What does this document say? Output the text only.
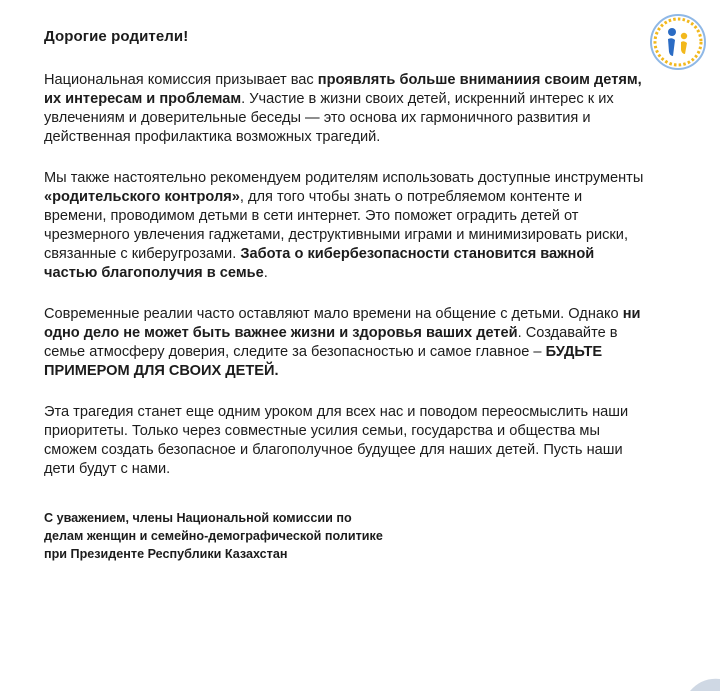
Дорогие родители!

Национальная комиссия призывает вас проявлять больше вниманиия своим детям, их интересам и проблемам. Участие в жизни своих детей, искренний интерес к их увлечениям и доверительные беседы — это основа их гармоничного развития и действенная профилактика возможных трагедий.

Мы также настоятельно рекомендуем родителям использовать доступные инструменты «родительского контроля», для того чтобы знать о потребляемом контенте и времени, проводимом детьми в сети интернет. Это поможет оградить детей от чрезмерного увлечения гаджетами, деструктивными играми и минимизировать риски, связанные с киберугрозами. Забота о кибербезопасности становится важной частью благополучия в семье.

Современные реалии часто оставляют мало времени на общение с детьми. Однако ни одно дело не может быть важнее жизни и здоровья ваших детей. Создавайте в семье атмосферу доверия, следите за безопасностью и самое главное – БУДЬТЕ ПРИМЕРОМ ДЛЯ СВОИХ ДЕТЕЙ.

Эта трагедия станет еще одним уроком для всех нас и поводом переосмыслить наши приоритеты. Только через совместные усилия семьи, государства и общества мы сможем создать безопасное и благополучное будущее для наших детей. Пусть наши дети будут с нами.

С уважением, члены Национальной комиссии по
делам женщин и семейно-демографической политике
при Президенте Республики Казахстан
